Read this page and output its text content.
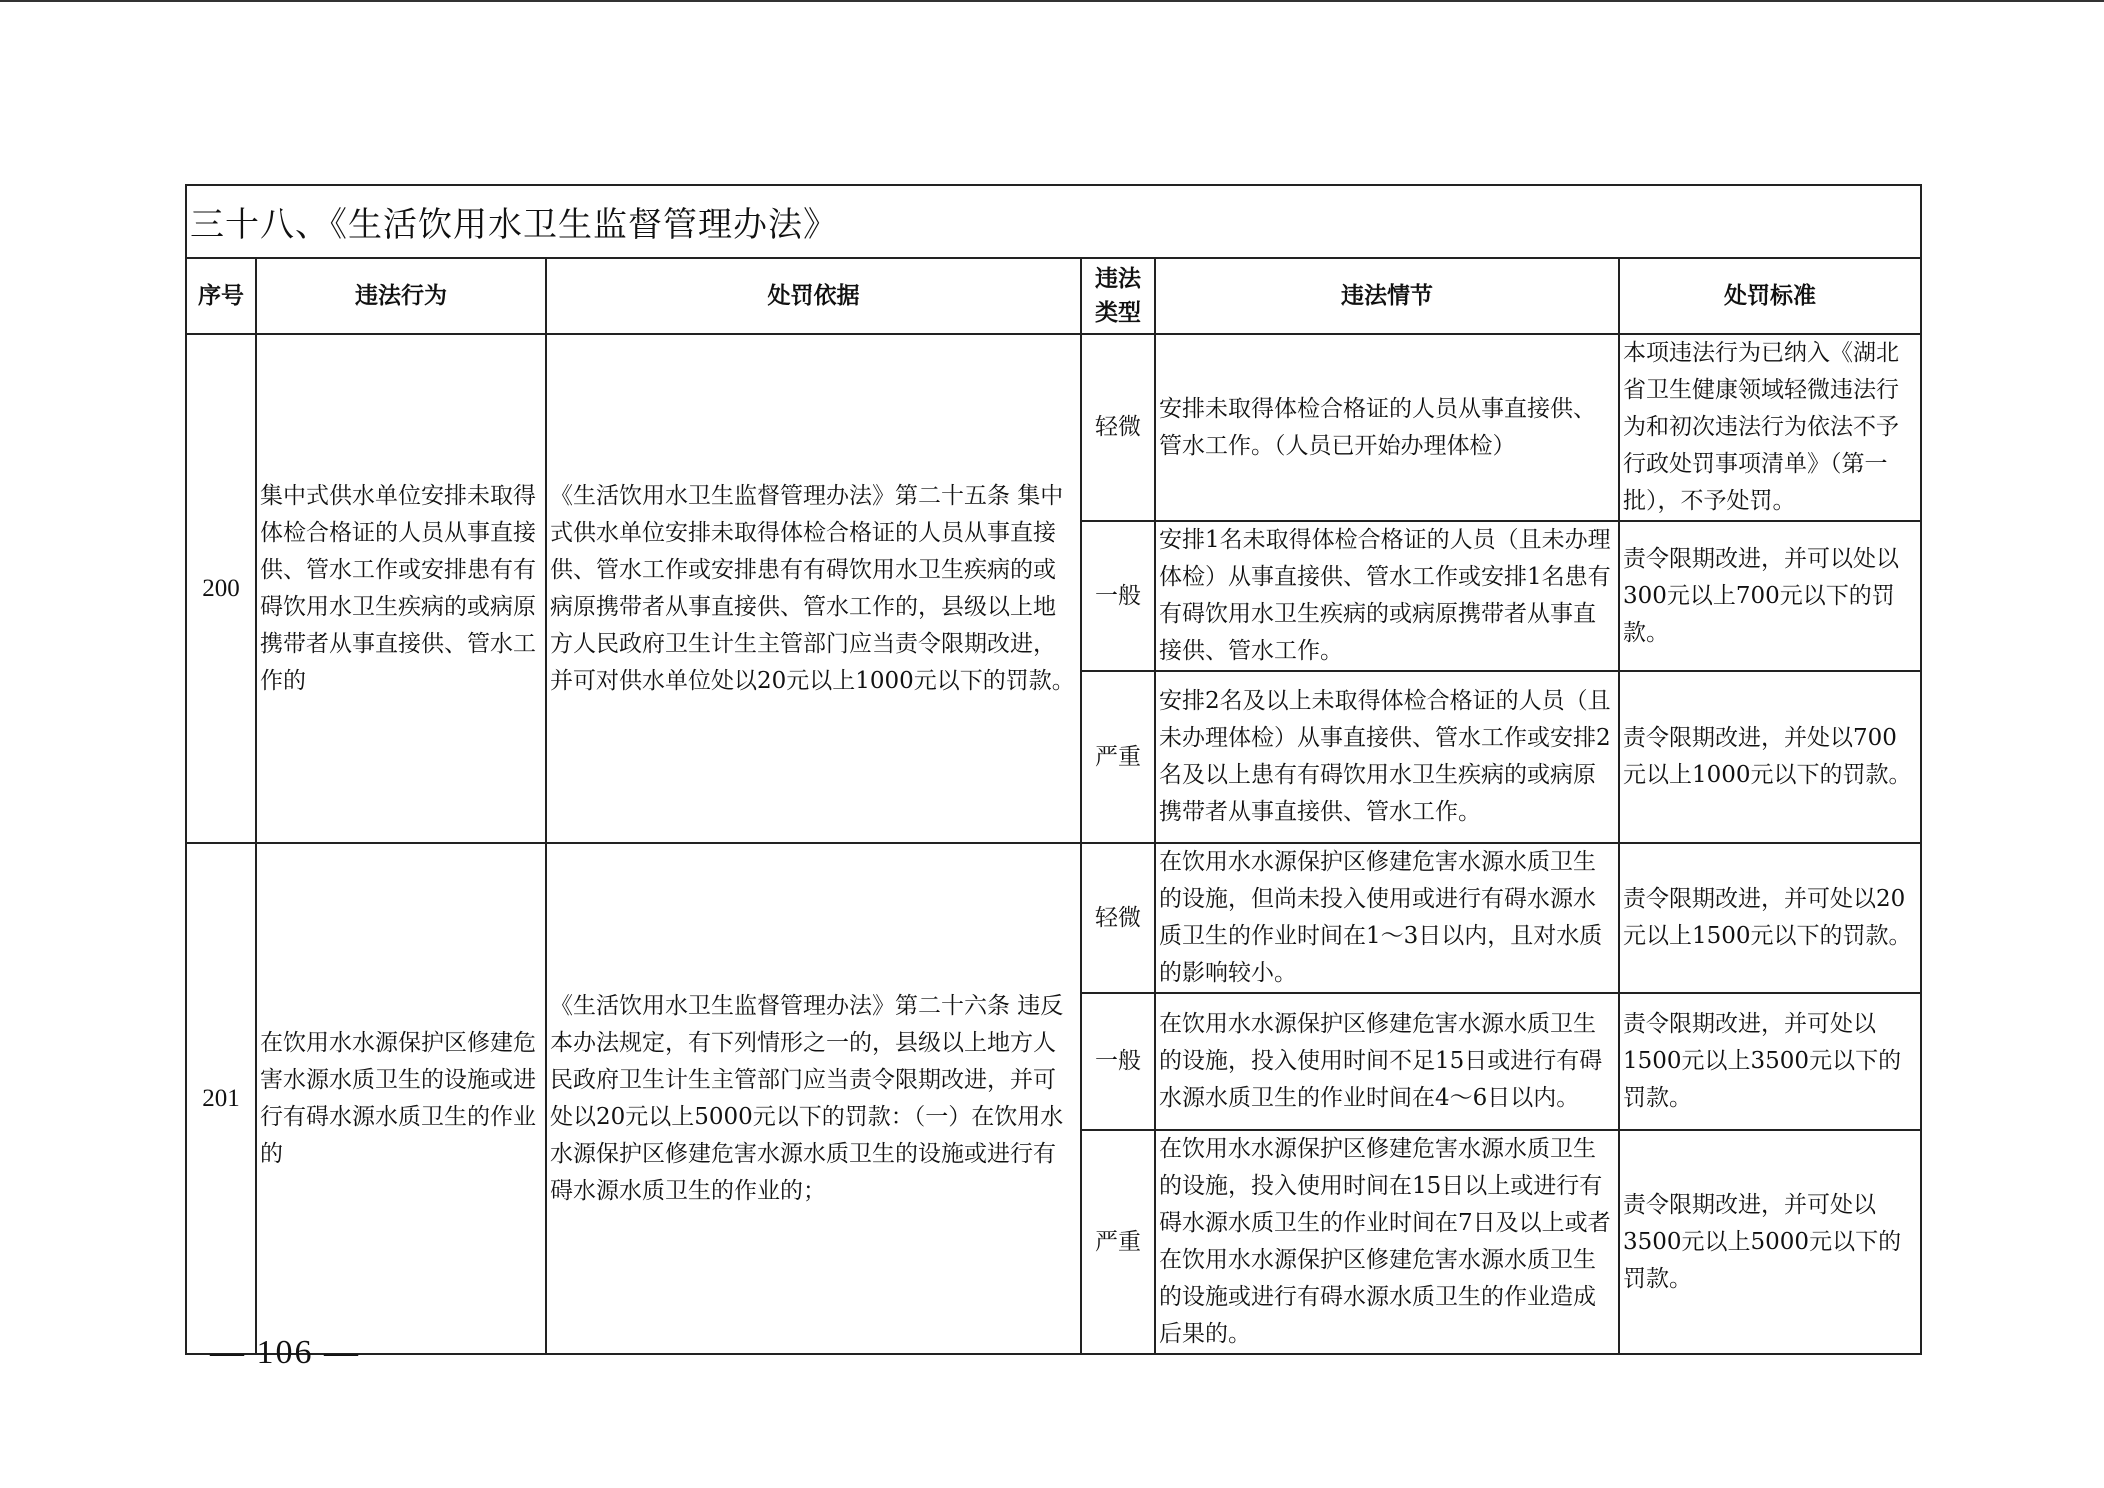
三十八、《生活饮用水卫生监督管理办法》					
序号	违法行为	处罚依据	违法类型	违法情节	处罚标准
200	集中式供水单位安排未取得体检合格证的人员从事直接供、管水工作或安排患有有碍饮用水卫生疾病的或病原携带者从事直接供、管水工作的	《生活饮用水卫生监督管理办法》第二十五条 集中式供水单位安排未取得体检合格证的人员从事直接供、管水工作或安排患有有碍饮用水卫生疾病的或病原携带者从事直接供、管水工作的，县级以上地方人民政府卫生计生主管部门应当责令限期改进，并可对供水单位处以20元以上1000元以下的罚款。	轻微	安排未取得体检合格证的人员从事直接供、管水工作。（人员已开始办理体检）	本项违法行为已纳入《湖北省卫生健康领域轻微违法行为和初次违法行为依法不予行政处罚事项清单》（第一批），不予处罚。
			一般	安排1名未取得体检合格证的人员（且未办理体检）从事直接供、管水工作或安排1名患有有碍饮用水卫生疾病的或病原携带者从事直接供、管水工作。	责令限期改进，并可以处以300元以上700元以下的罚款。
			严重	安排2名及以上未取得体检合格证的人员（且未办理体检）从事直接供、管水工作或安排2名及以上患有有碍饮用水卫生疾病的或病原携带者从事直接供、管水工作。	责令限期改进，并处以700元以上1000元以下的罚款。
201	在饮用水水源保护区修建危害水源水质卫生的设施或进行有碍水源水质卫生的作业的	《生活饮用水卫生监督管理办法》第二十六条 违反本办法规定，有下列情形之一的，县级以上地方人民政府卫生计生主管部门应当责令限期改进，并可处以20元以上5000元以下的罚款：（一）在饮用水水源保护区修建危害水源水质卫生的设施或进行有碍水源水质卫生的作业的；	轻微	在饮用水水源保护区修建危害水源水质卫生的设施，但尚未投入使用或进行有碍水源水质卫生的作业时间在1～3日以内，且对水质的影响较小。	责令限期改进，并可处以20元以上1500元以下的罚款。
			一般	在饮用水水源保护区修建危害水源水质卫生的设施，投入使用时间不足15日或进行有碍水源水质卫生的作业时间在4～6日以内。	责令限期改进，并可处以1500元以上3500元以下的罚款。
			严重	在饮用水水源保护区修建危害水源水质卫生的设施，投入使用时间在15日以上或进行有碍水源水质卫生的作业时间在7日及以上或者在饮用水水源保护区修建危害水源水质卫生的设施或进行有碍水源水质卫生的作业造成后果的。	责令限期改进，并可处以3500元以上5000元以下的罚款。
— 106 —
